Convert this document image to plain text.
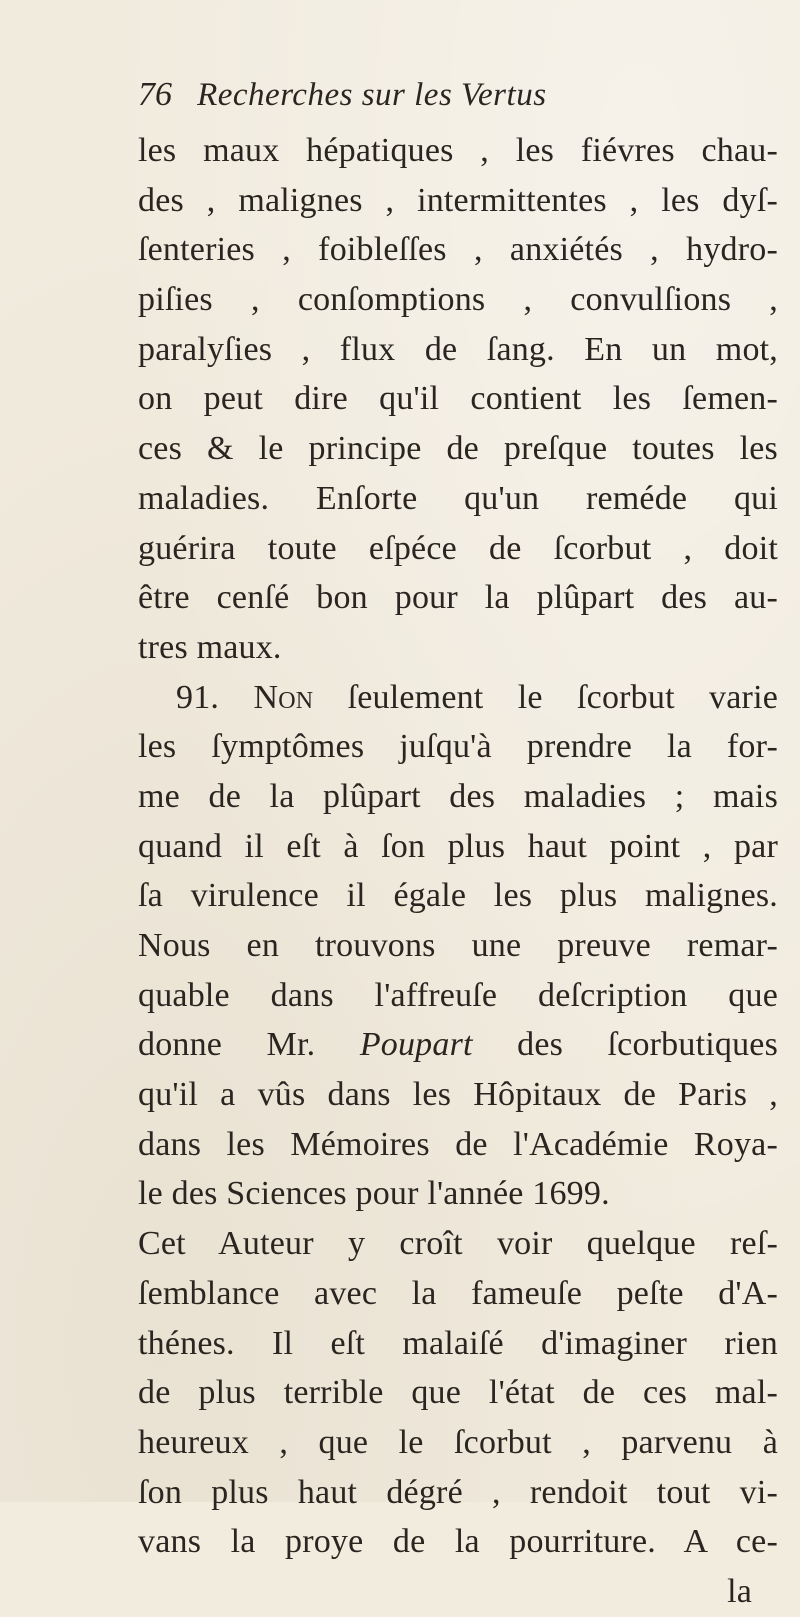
76 Recherches sur les Vertus
les maux hépatiques , les fiévres chau-
des , malignes , intermittentes , les dyſ-
ſenteries , foibleſſes , anxiétés , hydro-
piſies , conſomptions , convulſions ,
paralyſies , flux de ſang. En un mot,
on peut dire qu'il contient les ſemen-
ces & le principe de preſque toutes les
maladies. Enſorte qu'un reméde qui
guérira toute eſpéce de ſcorbut , doit
être cenſé bon pour la plûpart des au-
tres maux.
91. Non ſeulement le ſcorbut varie
les ſymptômes juſqu'à prendre la for-
me de la plûpart des maladies ; mais
quand il eſt à ſon plus haut point , par
ſa virulence il égale les plus malignes.
Nous en trouvons une preuve remar-
quable dans l'affreuſe deſcription que
donne Mr. Poupart des ſcorbutiques
qu'il a vûs dans les Hôpitaux de Paris ,
dans les Mémoires de l'Académie Roya-
le des Sciences pour l'année 1699.
Cet Auteur y croît voir quelque reſ-
ſemblance avec la fameuſe peſte d'A-
thénes. Il eſt malaiſé d'imaginer rien
de plus terrible que l'état de ces mal-
heureux , que le ſcorbut , parvenu à
ſon plus haut dégré , rendoit tout vi-
vans la proye de la pourriture. A ce-
la
